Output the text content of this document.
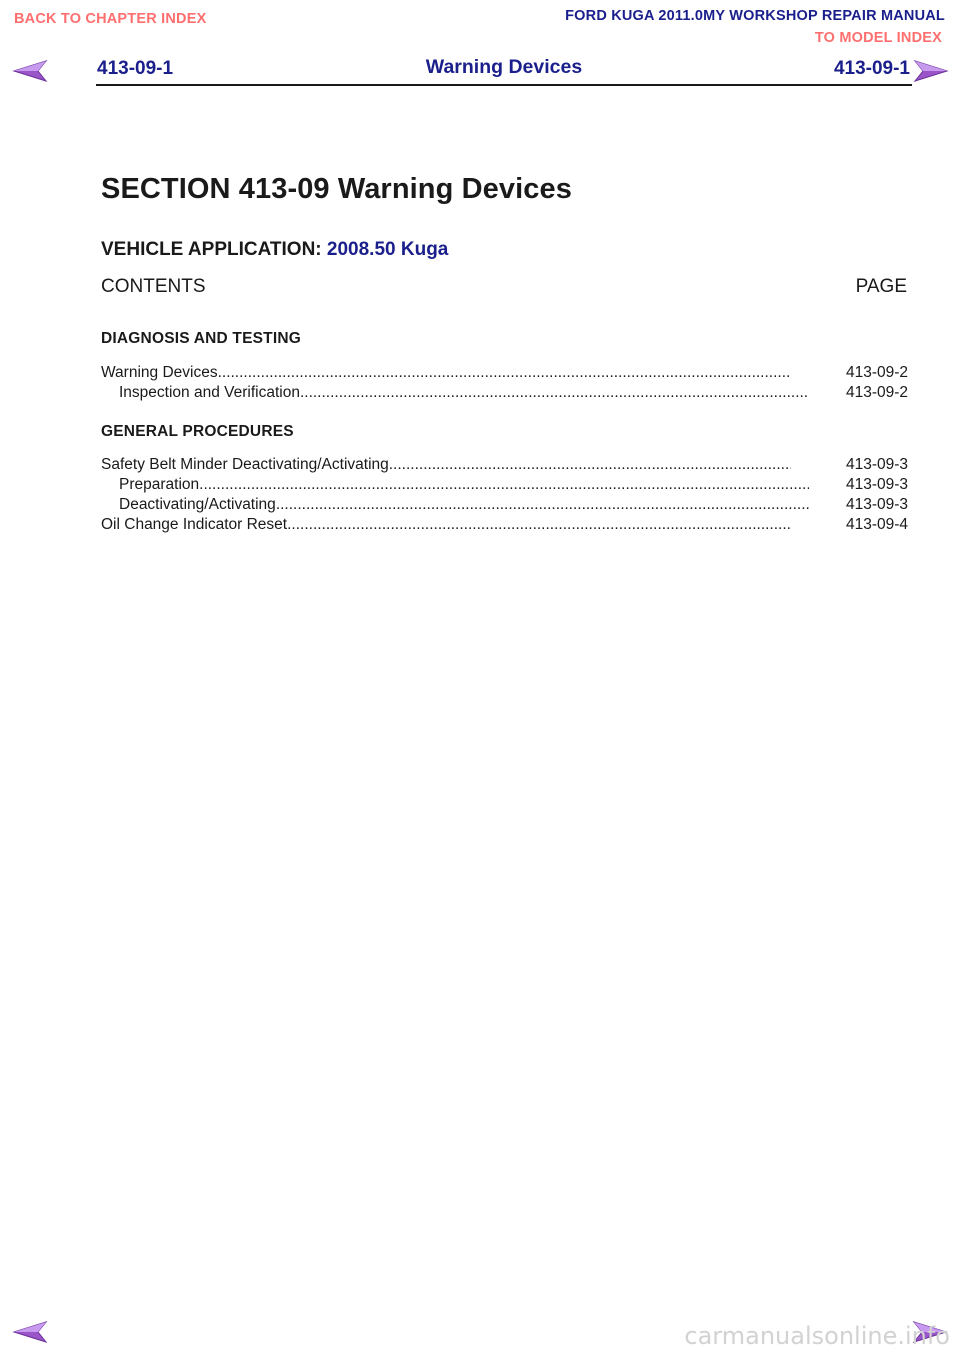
BACK TO CHAPTER INDEX	FORD KUGA 2011.0MY WORKSHOP REPAIR MANUAL
TO MODEL INDEX
413-09-1	Warning Devices	413-09-1
SECTION 413-09 Warning Devices
VEHICLE APPLICATION: 2008.50 Kuga
CONTENTS	PAGE
DIAGNOSIS AND TESTING
Warning Devices .....	413-09-2
Inspection and Verification .....	413-09-2
GENERAL PROCEDURES
Safety Belt Minder Deactivating/Activating .....	413-09-3
Preparation .....	413-09-3
Deactivating/Activating .....	413-09-3
Oil Change Indicator Reset .....	413-09-4
carmanualsonline.info
